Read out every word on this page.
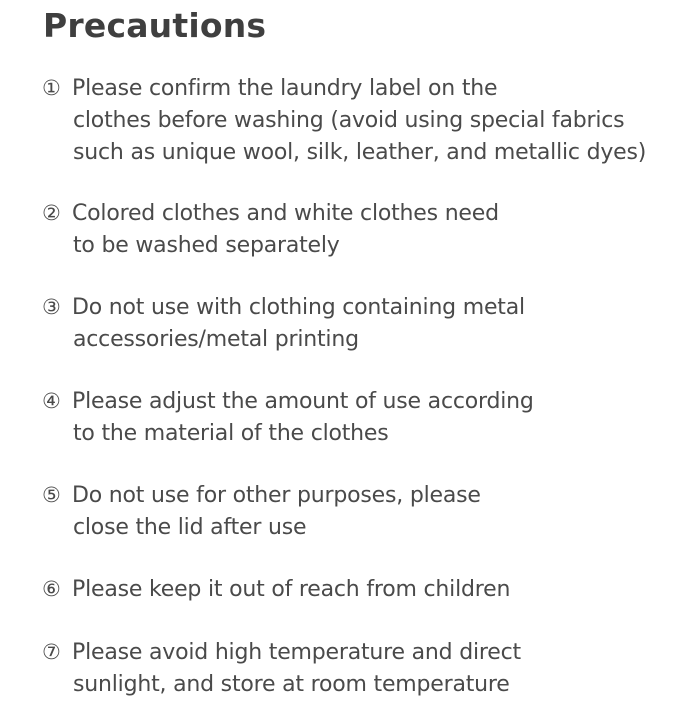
Precautions
① Please confirm the laundry label on the
clothes before washing (avoid using special fabrics
such as unique wool, silk, leather, and metallic dyes)
② Colored clothes and white clothes need
to be washed separately
③ Do not use with clothing containing metal
accessories/metal printing
④ Please adjust the amount of use according
to the material of the clothes
⑤ Do not use for other purposes, please
close the lid after use
⑥ Please keep it out of reach from children
⑦ Please avoid high temperature and direct
sunlight, and store at room temperature
